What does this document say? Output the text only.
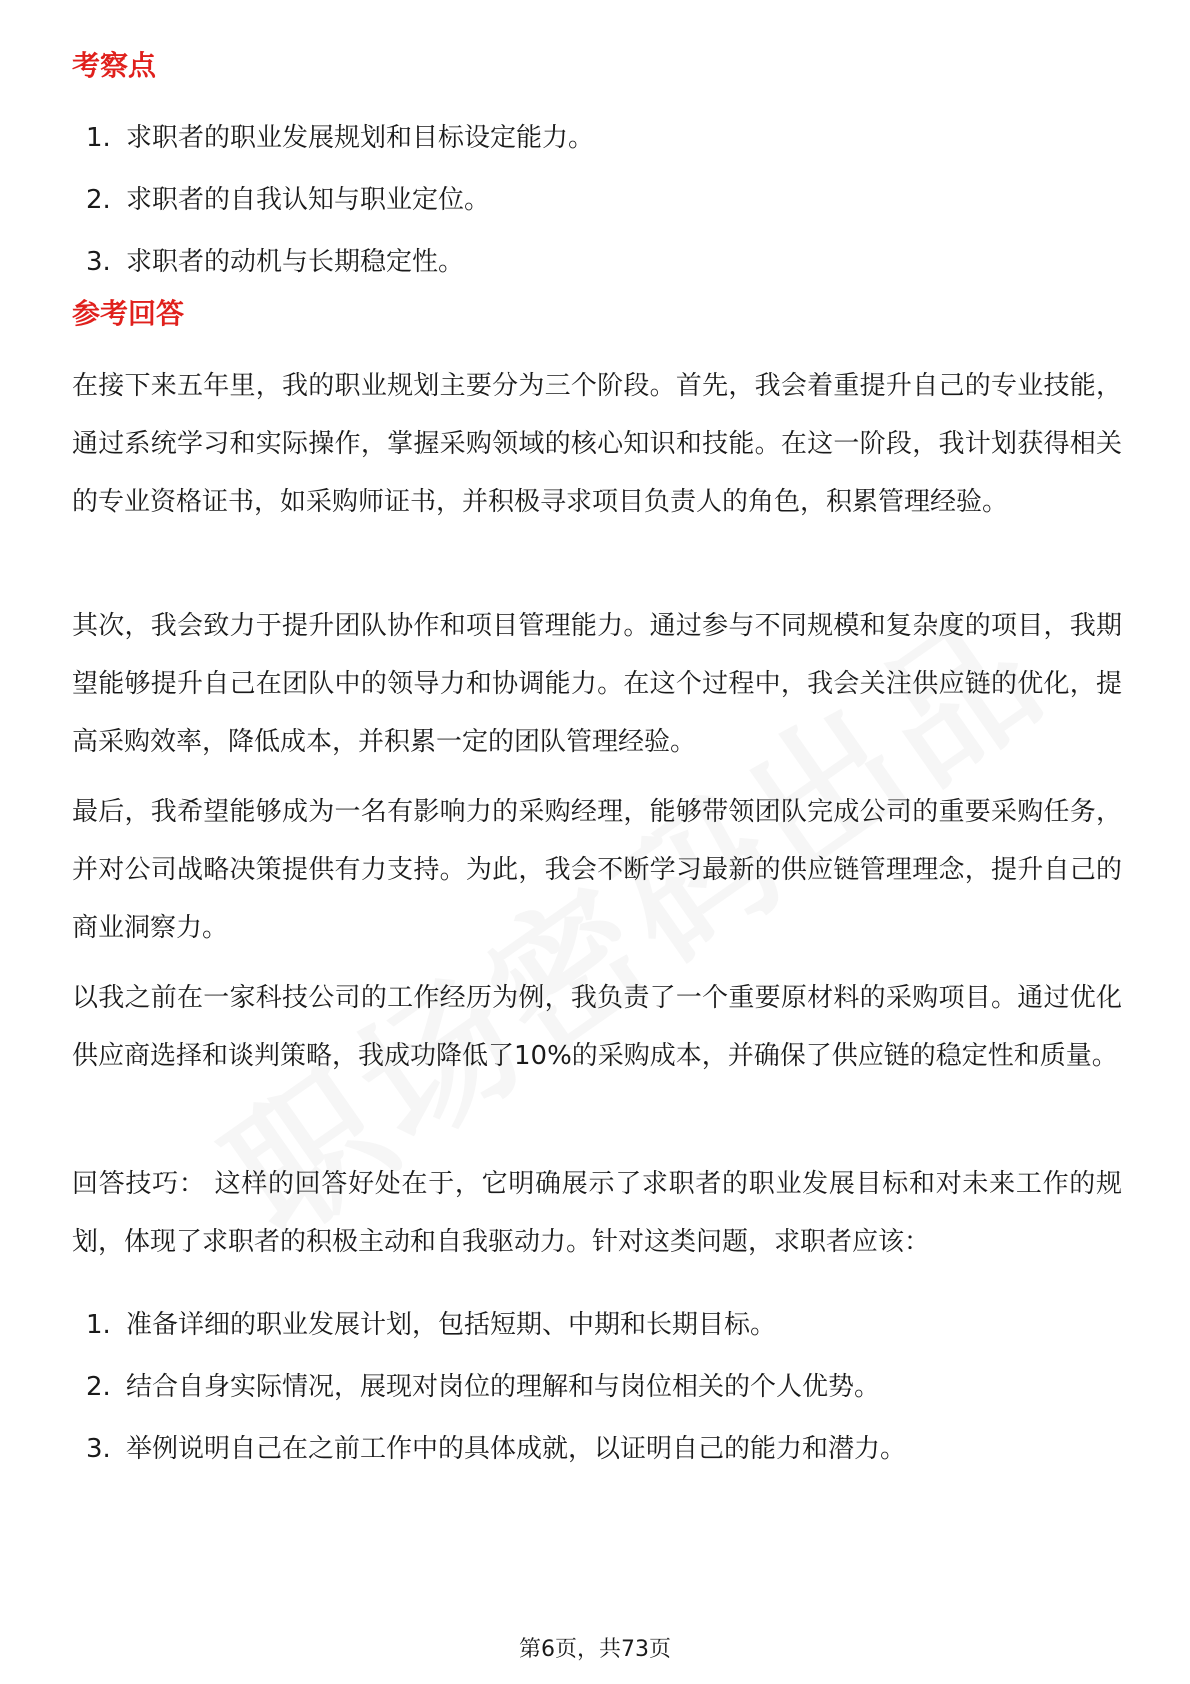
考察点
1. 求职者的职业发展规划和目标设定能力。
2. 求职者的自我认知与职业定位。
3. 求职者的动机与长期稳定性。
参考回答

在接下来五年里，我的职业规划主要分为三个阶段。首先，我会着重提升自己的专业技能，通过系统学习和实际操作，掌握采购领域的核心知识和技能。在这一阶段，我计划获得相关的专业资格证书，如采购师证书，并积极寻求项目负责人的角色，积累管理经验。

其次，我会致力于提升团队协作和项目管理能力。通过参与不同规模和复杂度的项目，我期望能够提升自己在团队中的领导力和协调能力。在这个过程中，我会关注供应链的优化，提高采购效率，降低成本，并积累一定的团队管理经验。

最后，我希望能够成为一名有影响力的采购经理，能够带领团队完成公司的重要采购任务，并对公司战略决策提供有力支持。为此，我会不断学习最新的供应链管理理念，提升自己的商业洞察力。

以我之前在一家科技公司的工作经历为例，我负责了一个重要原材料的采购项目。通过优化供应商选择和谈判策略，我成功降低了10%的采购成本，并确保了供应链的稳定性和质量。

回答技巧： 这样的回答好处在于，它明确展示了求职者的职业发展目标和对未来工作的规划，体现了求职者的积极主动和自我驱动力。针对这类问题，求职者应该：

1. 准备详细的职业发展计划，包括短期、中期和长期目标。
2. 结合自身实际情况，展现对岗位的理解和与岗位相关的个人优势。
3. 举例说明自己在之前工作中的具体成就，以证明自己的能力和潜力。
第6页，共73页
